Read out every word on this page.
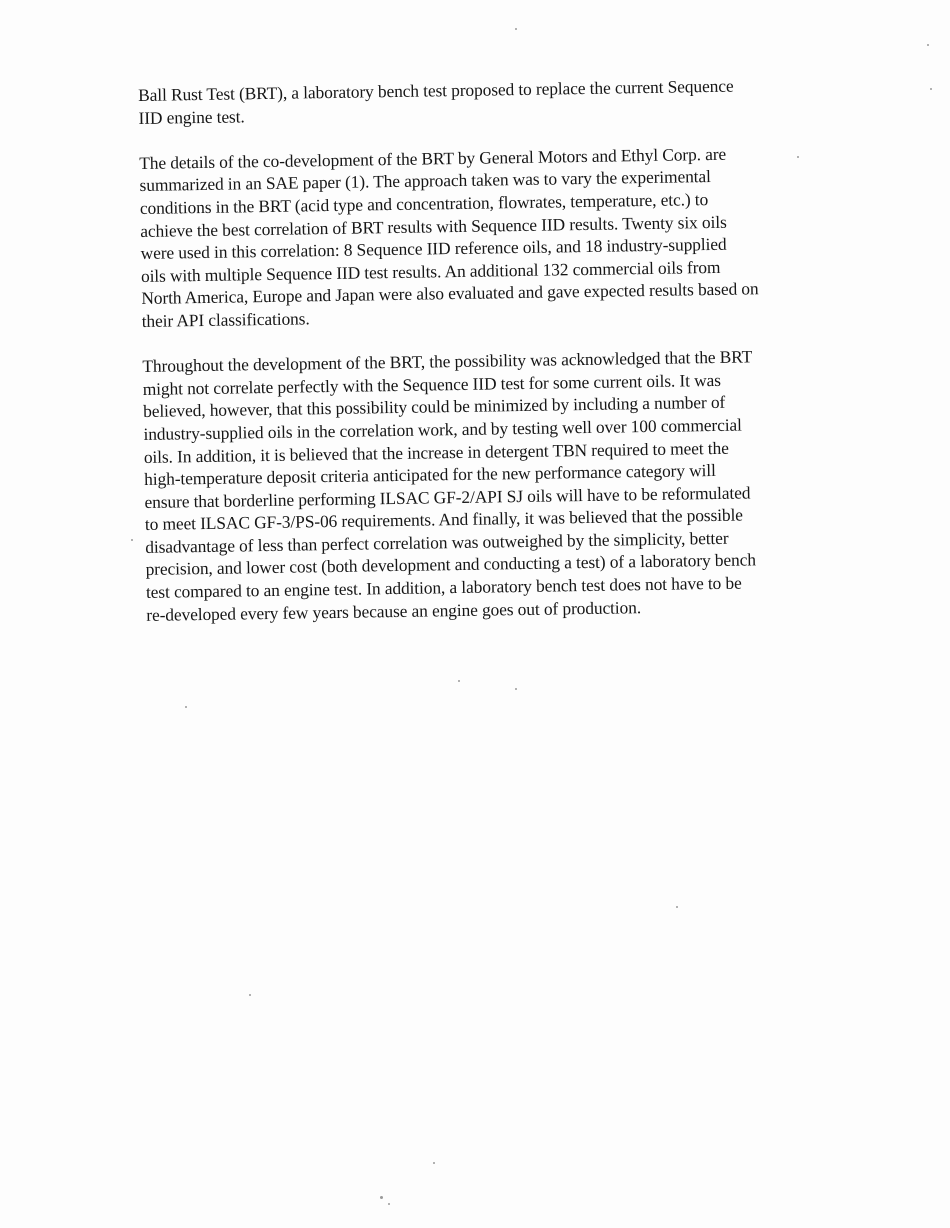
Ball Rust Test (BRT), a laboratory bench test proposed to replace the current Sequence
IID engine test.

The details of the co-development of the BRT by General Motors and Ethyl Corp. are
summarized in an SAE paper (1). The approach taken was to vary the experimental
conditions in the BRT (acid type and concentration, flowrates, temperature, etc.) to
achieve the best correlation of BRT results with Sequence IID results. Twenty six oils
were used in this correlation: 8 Sequence IID reference oils, and 18 industry-supplied
oils with multiple Sequence IID test results. An additional 132 commercial oils from
North America, Europe and Japan were also evaluated and gave expected results based on
their API classifications.

Throughout the development of the BRT, the possibility was acknowledged that the BRT
might not correlate perfectly with the Sequence IID test for some current oils. It was
believed, however, that this possibility could be minimized by including a number of
industry-supplied oils in the correlation work, and by testing well over 100 commercial
oils. In addition, it is believed that the increase in detergent TBN required to meet the
high-temperature deposit criteria anticipated for the new performance category will
ensure that borderline performing ILSAC GF-2/API SJ oils will have to be reformulated
to meet ILSAC GF-3/PS-06 requirements. And finally, it was believed that the possible
disadvantage of less than perfect correlation was outweighed by the simplicity, better
precision, and lower cost (both development and conducting a test) of a laboratory bench
test compared to an engine test. In addition, a laboratory bench test does not have to be
re-developed every few years because an engine goes out of production.
